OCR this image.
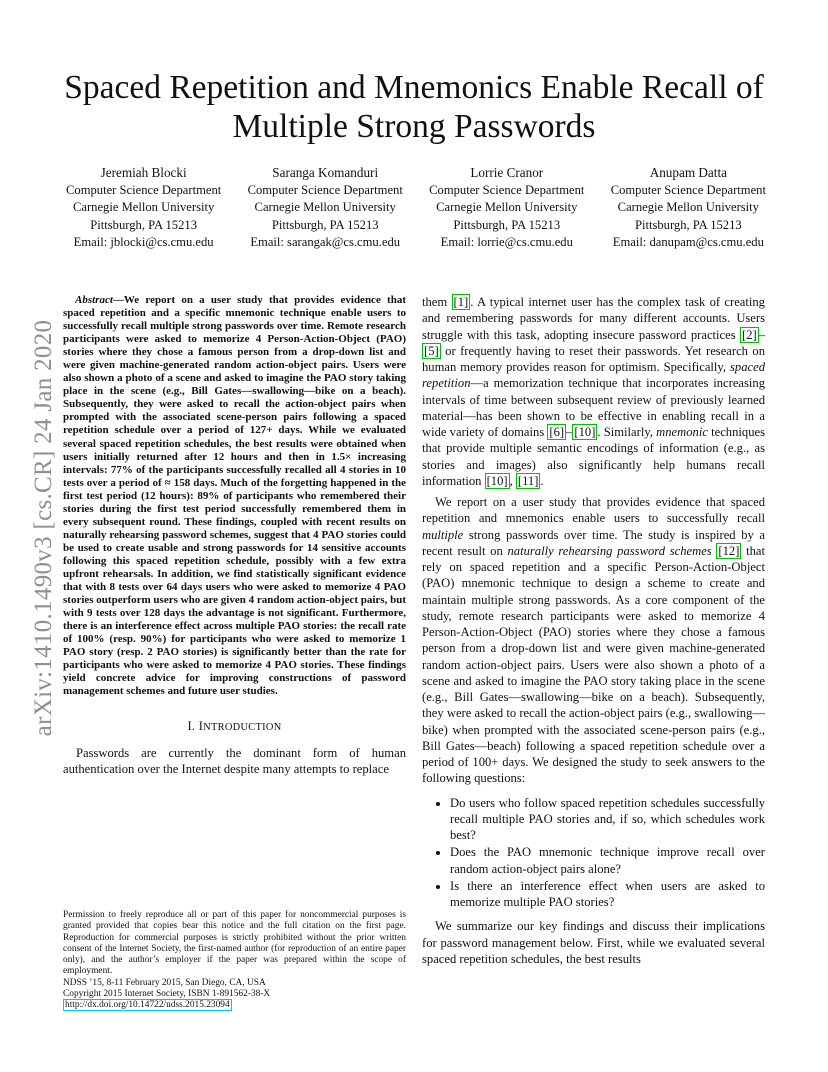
Spaced Repetition and Mnemonics Enable Recall of
Multiple Strong Passwords
Jeremiah Blocki
Computer Science Department
Carnegie Mellon University
Pittsburgh, PA 15213
Email: jblocki@cs.cmu.edu
Saranga Komanduri
Computer Science Department
Carnegie Mellon University
Pittsburgh, PA 15213
Email: sarangak@cs.cmu.edu
Lorrie Cranor
Computer Science Department
Carnegie Mellon University
Pittsburgh, PA 15213
Email: lorrie@cs.cmu.edu
Anupam Datta
Computer Science Department
Carnegie Mellon University
Pittsburgh, PA 15213
Email: danupam@cs.cmu.edu
arXiv:1410.1490v3 [cs.CR] 24 Jan 2020

Abstract—We report on a user study that provides evidence that spaced repetition and a specific mnemonic technique enable users to successfully recall multiple strong passwords over time. Remote research participants were asked to memorize 4 Person-Action-Object (PAO) stories where they chose a famous person from a drop-down list and were given machine-generated random action-object pairs. Users were also shown a photo of a scene and asked to imagine the PAO story taking place in the scene (e.g., Bill Gates—swallowing—bike on a beach). Subsequently, they were asked to recall the action-object pairs when prompted with the associated scene-person pairs following a spaced repetition schedule over a period of 127+ days. While we evaluated several spaced repetition schedules, the best results were obtained when users initially returned after 12 hours and then in 1.5× increasing intervals: 77% of the participants successfully recalled all 4 stories in 10 tests over a period of ≈ 158 days. Much of the forgetting happened in the first test period (12 hours): 89% of participants who remembered their stories during the first test period successfully remembered them in every subsequent round. These findings, coupled with recent results on naturally rehearsing password schemes, suggest that 4 PAO stories could be used to create usable and strong passwords for 14 sensitive accounts following this spaced repetition schedule, possibly with a few extra upfront rehearsals. In addition, we find statistically significant evidence that with 8 tests over 64 days users who were asked to memorize 4 PAO stories outperform users who are given 4 random action-object pairs, but with 9 tests over 128 days the advantage is not significant. Furthermore, there is an interference effect across multiple PAO stories: the recall rate of 100% (resp. 90%) for participants who were asked to memorize 1 PAO story (resp. 2 PAO stories) is significantly better than the rate for participants who were asked to memorize 4 PAO stories. These findings yield concrete advice for improving constructions of password management schemes and future user studies.

I. INTRODUCTION

Passwords are currently the dominant form of human authentication over the Internet despite many attempts to replace

them [1] . A typical internet user has the complex task of creating and remembering passwords for many different accounts. Users struggle with this task, adopting insecure password practices [2] –[5] or frequently having to reset their passwords. Yet research on human memory provides reason for optimism. Specifically, spaced repetition—a memorization technique that incorporates increasing intervals of time between subsequent review of previously learned material—has been shown to be effective in enabling recall in a wide variety of domains [6] – [10] . Similarly, mnemonic techniques that provide multiple semantic encodings of information (e.g., as stories and images) also significantly help humans recall information [10] , [11] .

We report on a user study that provides evidence that spaced repetition and mnemonics enable users to successfully recall multiple strong passwords over time. The study is inspired by a recent result on naturally rehearsing password schemes [12] that rely on spaced repetition and a specific Person-Action-Object (PAO) mnemonic technique to design a scheme to create and maintain multiple strong passwords. As a core component of the study, remote research participants were asked to memorize 4 Person-Action-Object (PAO) stories where they chose a famous person from a drop-down list and were given machine-generated random action-object pairs. Users were also shown a photo of a scene and asked to imagine the PAO story taking place in the scene (e.g., Bill Gates—swallowing—bike on a beach). Subsequently, they were asked to recall the action-object pairs (e.g., swallowing—bike) when prompted with the associated scene-person pairs (e.g., Bill Gates—beach) following a spaced repetition schedule over a period of 100+ days. We designed the study to seek answers to the following questions:

• Do users who follow spaced repetition schedules successfully recall multiple PAO stories and, if so, which schedules work best?
• Does the PAO mnemonic technique improve recall over random action-object pairs alone?
• Is there an interference effect when users are asked to memorize multiple PAO stories?

We summarize our key findings and discuss their implications for password management below. First, while we evaluated several spaced repetition schedules, the best results

Permission to freely reproduce all or part of this paper for noncommercial purposes is granted provided that copies bear this notice and the full citation on the first page. Reproduction for commercial purposes is strictly prohibited without the prior written consent of the Internet Society, the first-named author (for reproduction of an entire paper only), and the author’s employer if the paper was prepared within the scope of employment.
NDSS ’15, 8-11 February 2015, San Diego, CA, USA
Copyright 2015 Internet Society, ISBN 1-891562-38-X
http://dx.doi.org/10.14722/ndss.2015.23094
